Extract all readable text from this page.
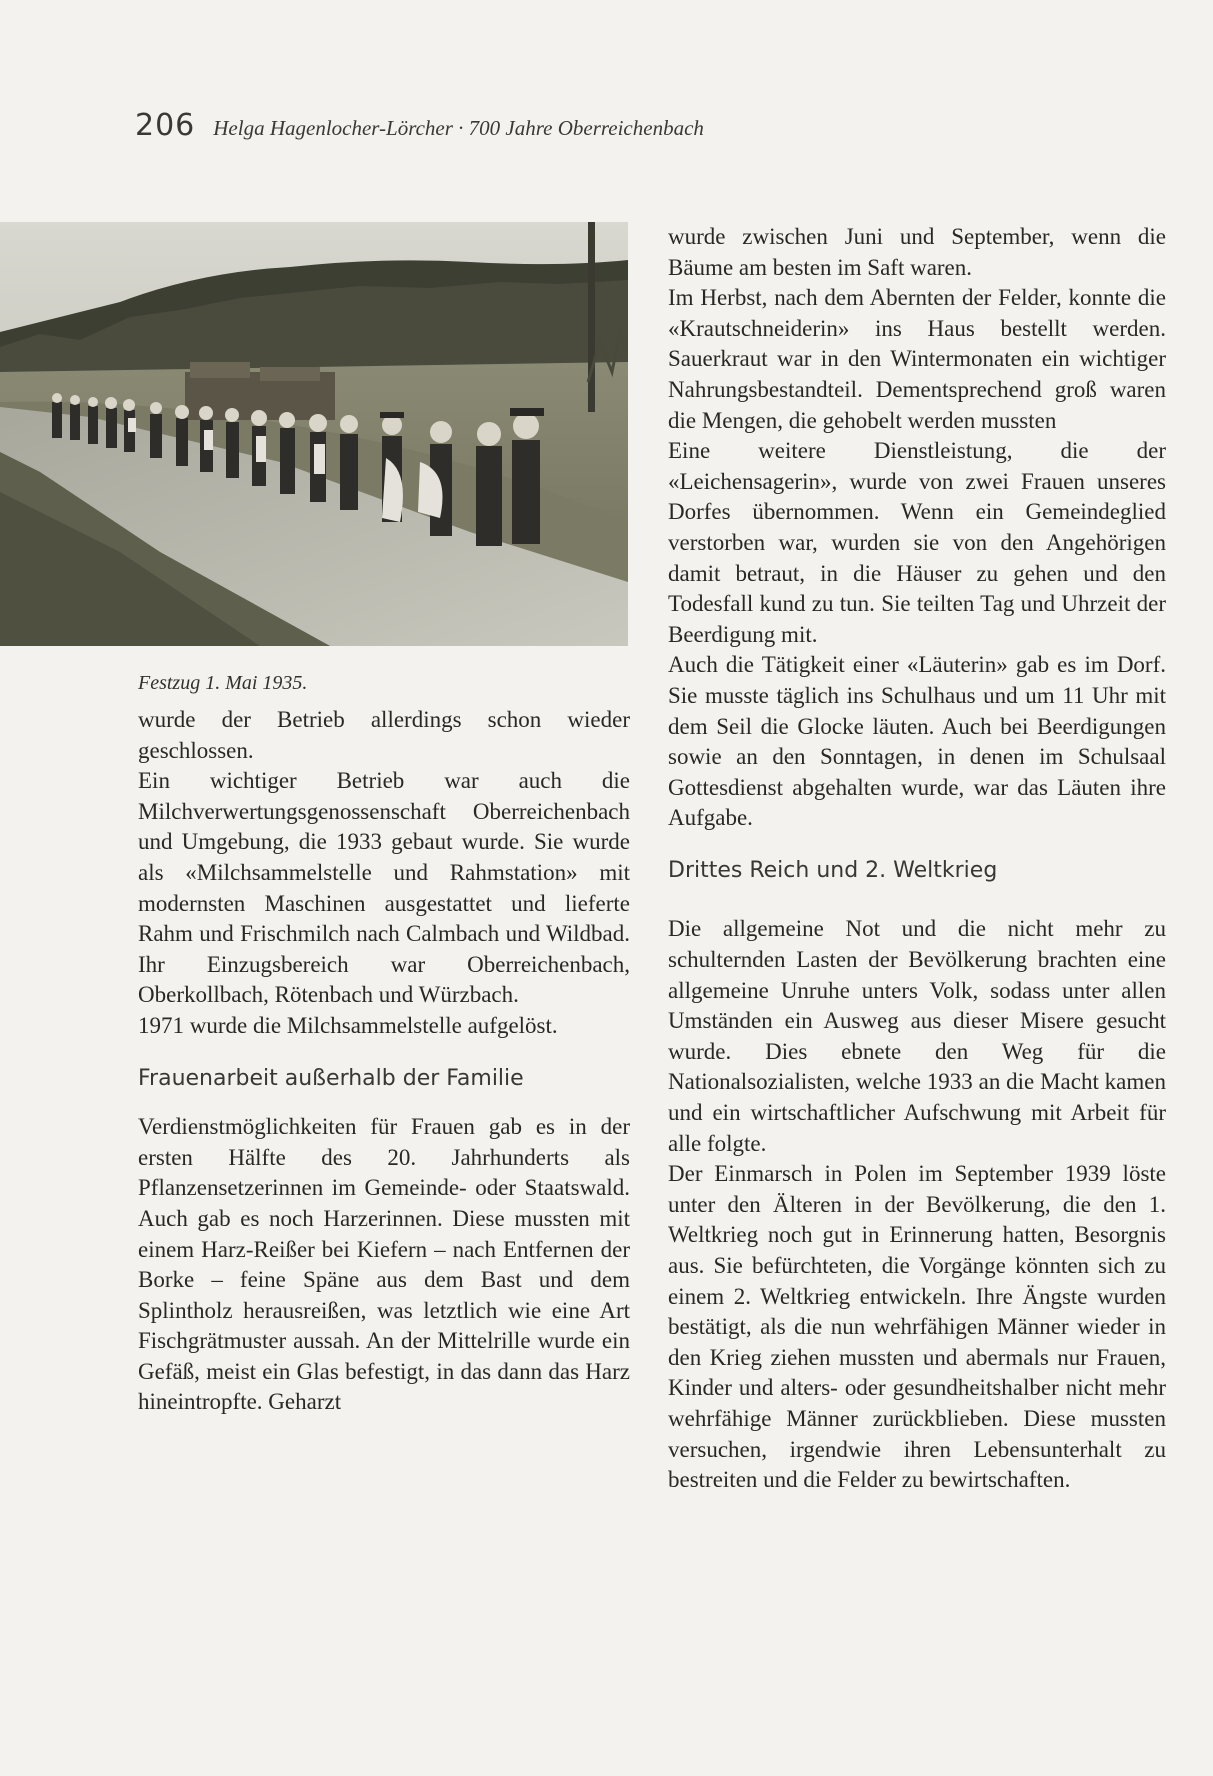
206 Helga Hagenlocher-Lörcher · 700 Jahre Oberreichenbach
Festzug 1. Mai 1935.

wurde der Betrieb allerdings schon wieder geschlossen.

Ein wichtiger Betrieb war auch die Milchverwertungsgenossenschaft Oberreichenbach und Umgebung, die 1933 gebaut wurde. Sie wurde als «Milchsammelstelle und Rahmstation» mit modernsten Maschinen ausgestattet und lieferte Rahm und Frischmilch nach Calmbach und Wildbad. Ihr Einzugsbereich war Oberreichenbach, Oberkollbach, Rötenbach und Würzbach.

1971 wurde die Milchsammelstelle aufgelöst.

Frauenarbeit außerhalb der Familie

Verdienstmöglichkeiten für Frauen gab es in der ersten Hälfte des 20. Jahrhunderts als Pflanzensetzerinnen im Gemeinde- oder Staatswald. Auch gab es noch Harzerinnen. Diese mussten mit einem Harz-Reißer bei Kiefern – nach Entfernen der Borke – feine Späne aus dem Bast und dem Splintholz herausreißen, was letztlich wie eine Art Fischgrätmuster aussah. An der Mittelrille wurde ein Gefäß, meist ein Glas befestigt, in das dann das Harz hineintropfte. Geharzt

wurde zwischen Juni und September, wenn die Bäume am besten im Saft waren.

Im Herbst, nach dem Abernten der Felder, konnte die «Krautschneiderin» ins Haus bestellt werden. Sauerkraut war in den Wintermonaten ein wichtiger Nahrungsbestandteil. Dementsprechend groß waren die Mengen, die gehobelt werden mussten

Eine weitere Dienstleistung, die der «Leichensagerin», wurde von zwei Frauen unseres Dorfes übernommen. Wenn ein Gemeindeglied verstorben war, wurden sie von den Angehörigen damit betraut, in die Häuser zu gehen und den Todesfall kund zu tun. Sie teilten Tag und Uhrzeit der Beerdigung mit.

Auch die Tätigkeit einer «Läuterin» gab es im Dorf. Sie musste täglich ins Schulhaus und um 11 Uhr mit dem Seil die Glocke läuten. Auch bei Beerdigungen sowie an den Sonntagen, in denen im Schulsaal Gottesdienst abgehalten wurde, war das Läuten ihre Aufgabe.

Drittes Reich und 2. Weltkrieg

Die allgemeine Not und die nicht mehr zu schulternden Lasten der Bevölkerung brachten eine allgemeine Unruhe unters Volk, sodass unter allen Umständen ein Ausweg aus dieser Misere gesucht wurde. Dies ebnete den Weg für die Nationalsozialisten, welche 1933 an die Macht kamen und ein wirtschaftlicher Aufschwung mit Arbeit für alle folgte.

Der Einmarsch in Polen im September 1939 löste unter den Älteren in der Bevölkerung, die den 1. Weltkrieg noch gut in Erinnerung hatten, Besorgnis aus. Sie befürchteten, die Vorgänge könnten sich zu einem 2. Weltkrieg entwickeln. Ihre Ängste wurden bestätigt, als die nun wehrfähigen Männer wieder in den Krieg ziehen mussten und abermals nur Frauen, Kinder und alters- oder gesundheitshalber nicht mehr wehrfähige Männer zurückblieben. Diese mussten versuchen, irgendwie ihren Lebensunterhalt zu bestreiten und die Felder zu bewirtschaften.
